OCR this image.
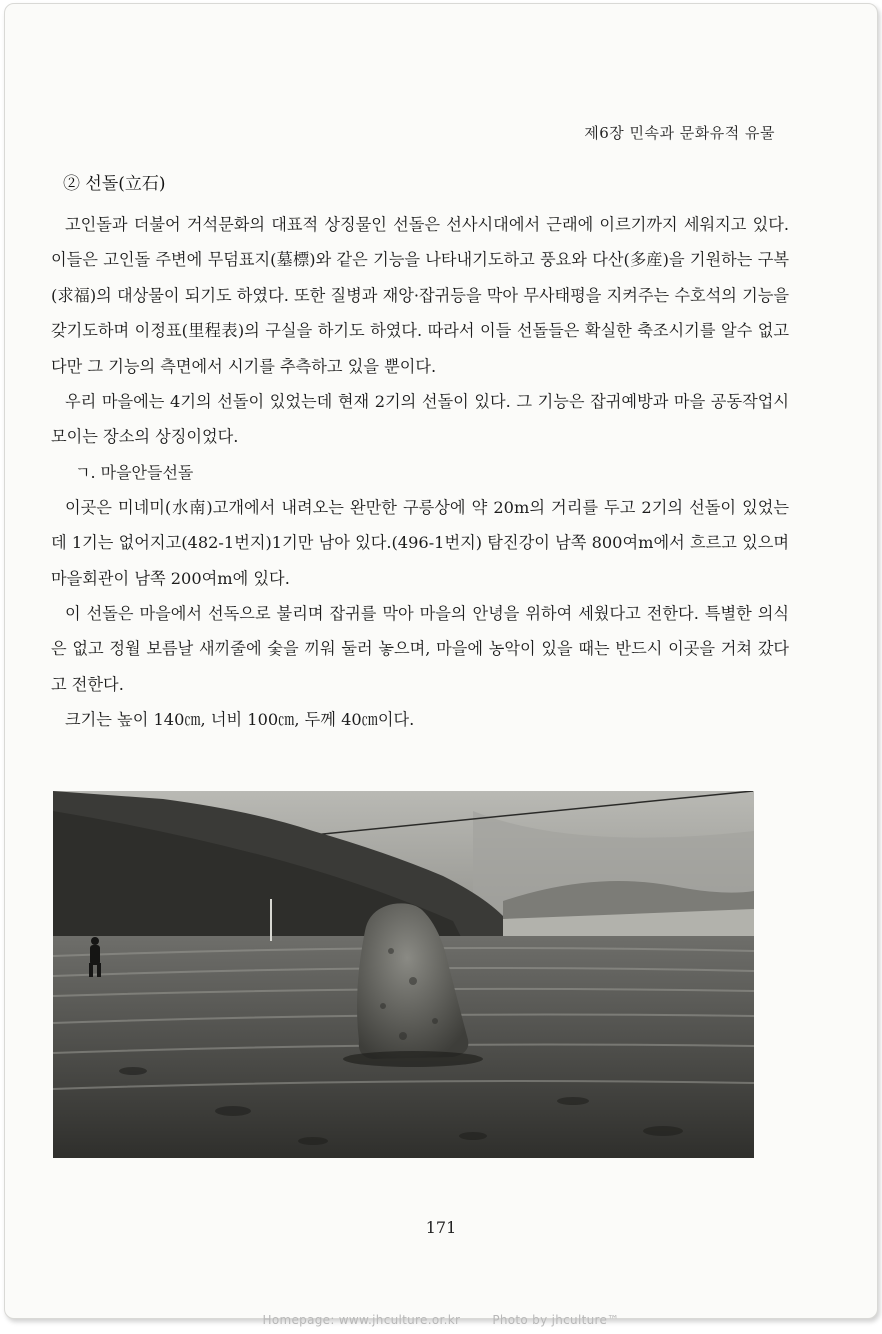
제6장 민속과 문화유적 유물

② 선돌(立石)

고인돌과 더불어 거석문화의 대표적 상징물인 선돌은 선사시대에서 근래에 이르기까지 세워지고 있다. 이들은 고인돌 주변에 무덤표지(墓標)와 같은 기능을 나타내기도하고 풍요와 다산(多産)을 기원하는 구복(求福)의 대상물이 되기도 하였다. 또한 질병과 재앙·잡귀등을 막아 무사태평을 지켜주는 수호석의 기능을 갖기도하며 이정표(里程表)의 구실을 하기도 하였다. 따라서 이들 선돌들은 확실한 축조시기를 알수 없고 다만 그 기능의 측면에서 시기를 추측하고 있을 뿐이다.

우리 마을에는 4기의 선돌이 있었는데 현재 2기의 선돌이 있다. 그 기능은 잡귀예방과 마을 공동작업시 모이는 장소의 상징이었다.

ㄱ. 마을안들선돌

이곳은 미네미(水南)고개에서 내려오는 완만한 구릉상에 약 20m의 거리를 두고 2기의 선돌이 있었는데 1기는 없어지고(482-1번지)1기만 남아 있다.(496-1번지) 탐진강이 남쪽 800여m에서 흐르고 있으며 마을회관이 남쪽 200여m에 있다.

이 선돌은 마을에서 선독으로 불리며 잡귀를 막아 마을의 안녕을 위하여 세웠다고 전한다. 특별한 의식은 없고 정월 보름날 새끼줄에 숯을 끼워 둘러 놓으며, 마을에 농악이 있을 때는 반드시 이곳을 거쳐 갔다고 전한다.

크기는 높이 140㎝, 너비 100㎝, 두께 40㎝이다.

171
Homepage: www.jhculture.or.kr	Photo by jhculture™
